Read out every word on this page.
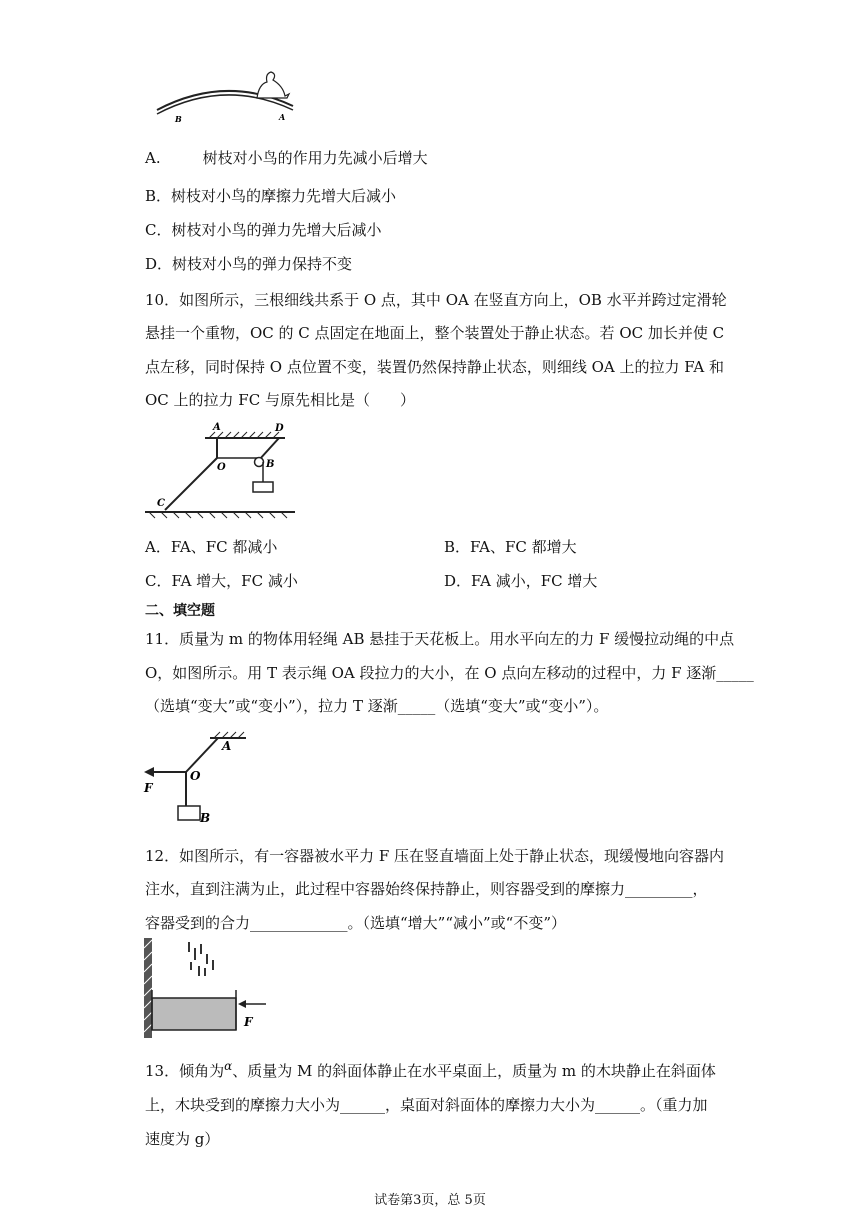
B	A
A.	树枝对小鸟的作用力先减小后增大
B．树枝对小鸟的摩擦力先增大后减小
C．树枝对小鸟的弹力先增大后减小
D．树枝对小鸟的弹力保持不变
10．如图所示，三根细线共系于 O 点，其中 OA 在竖直方向上，OB 水平并跨过定滑轮
悬挂一个重物，OC 的 C 点固定在地面上，整个装置处于静止状态。若 OC 加长并使 C
点左移，同时保持 O 点位置不变，装置仍然保持静止状态，则细线 OA 上的拉力 FA 和
OC 上的拉力 FC 与原先相比是（　　）
A	D
O	B
C
A．FA、FC 都减小	B．FA、FC 都增大
C．FA 增大，FC 减小	D．FA 减小，FC 增大
二、填空题
11．质量为 m 的物体用轻绳 AB 悬挂于天花板上。用水平向左的力 F 缓慢拉动绳的中点
O，如图所示。用 T 表示绳 OA 段拉力的大小，在 O 点向左移动的过程中，力 F 逐渐_____
（选填“变大”或“变小”），拉力 T 逐渐_____（选填“变大”或“变小”）。
A
O
F
B
12．如图所示，有一容器被水平力 F 压在竖直墙面上处于静止状态，现缓慢地向容器内
注水，直到注满为止，此过程中容器始终保持静止，则容器受到的摩擦力_________，
容器受到的合力_____________。（选填“增大”“减小”或“不变”）
F
13．倾角为$^\alpha$、质量为 M 的斜面体静止在水平桌面上，质量为 m 的木块静止在斜面体
上，木块受到的摩擦力大小为______，桌面对斜面体的摩擦力大小为______。（重力加
速度为 g）
试卷第3页，总 5页
